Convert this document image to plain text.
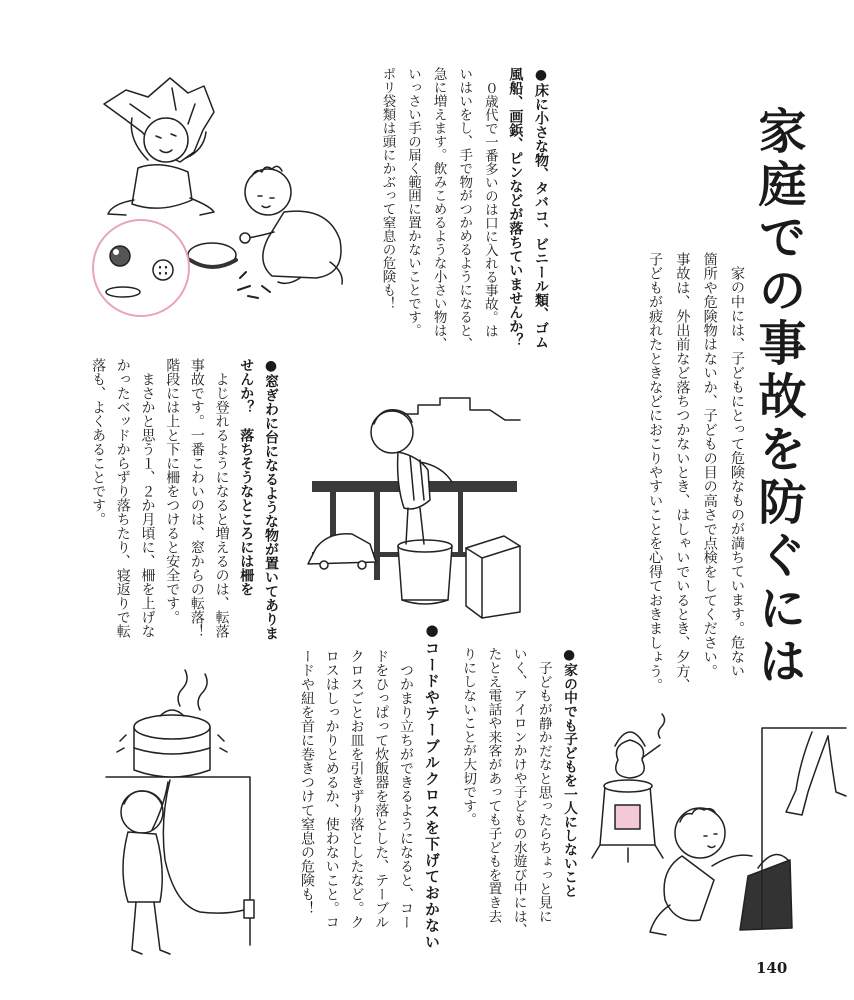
家庭での事故を防ぐには
家の中には、子どもにとって危険なものが満ちています。危ない
箇所や危険物はないか、子どもの目の高さで点検をしてください。
事故は、外出前など落ちつかないとき、はしゃいでいるとき、夕方、
子どもが疲れたときなどにおこりやすいことを心得ておきましょう。
●床に小さな物、タバコ、ビニール類、ゴム
風船、画鋲、ピンなどが落ちていませんか？
０歳代で一番多いのは口に入れる事故。は
いはいをし、手で物がつかめるようになると、
急に増えます。飲みこめるような小さい物は、
いっさい手の届く範囲に置かないことです。
ポリ袋類は頭にかぶって窒息の危険も！
●窓ぎわに台になるような物が置いてありま
せんか？　落ちそうなところには柵を
よじ登れるようになると増えるのは、転落
事故です。一番こわいのは、窓からの転落！
階段には上と下に柵をつけると安全です。
まさかと思う１、２か月頃に、柵を上げな
かったベッドからずり落ちたり、寝返りで転
落も、よくあることです。
●家の中でも子どもを一人にしないこと
子どもが静かだなと思ったらちょっと見に
いく、アイロンかけや子どもの水遊び中には、
たとえ電話や来客があっても子どもを置き去
りにしないことが大切です。
●コードやテーブルクロスを下げておかない
つかまり立ちができるようになると、コー
ドをひっぱって炊飯器を落とした、テーブル
クロスごとお皿を引きずり落としたなど。ク
ロスはしっかりとめるか、使わないこと。コ
ードや紐を首に巻きつけて窒息の危険も！
140
